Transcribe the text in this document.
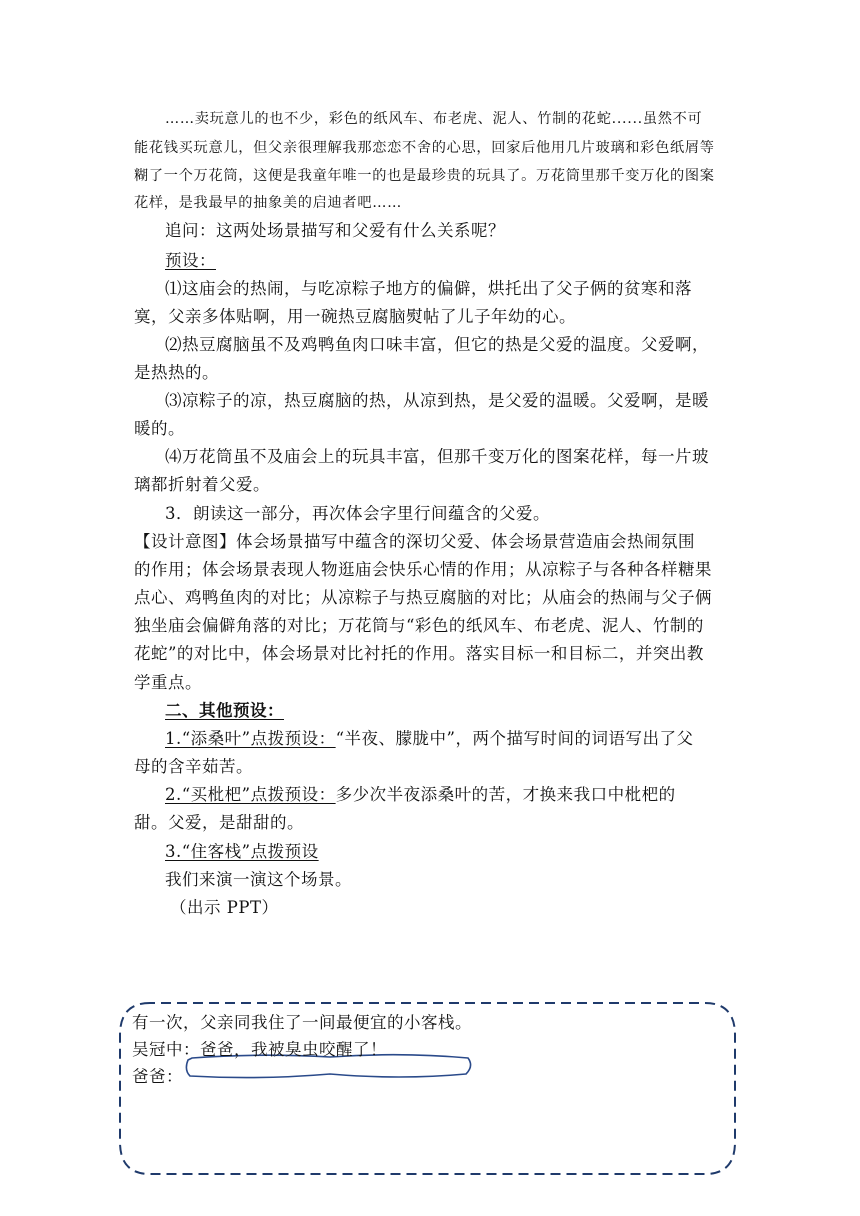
……卖玩意儿的也不少，彩色的纸风车、布老虎、泥人、竹制的花蛇......虽然不可
能花钱买玩意儿，但父亲很理解我那恋恋不舍的心思，回家后他用几片玻璃和彩色纸屑等
糊了一个万花筒，这便是我童年唯一的也是最珍贵的玩具了。万花筒里那千变万化的图案
花样，是我最早的抽象美的启迪者吧……
追问：这两处场景描写和父爱有什么关系呢？
预设：
⑴这庙会的热闹，与吃凉粽子地方的偏僻，烘托出了父子俩的贫寒和落
寞，父亲多体贴啊，用一碗热豆腐脑熨帖了儿子年幼的心。
⑵热豆腐脑虽不及鸡鸭鱼肉口味丰富，但它的热是父爱的温度。父爱啊，
是热热的。
⑶凉粽子的凉，热豆腐脑的热，从凉到热，是父爱的温暖。父爱啊，是暖
暖的。
⑷万花筒虽不及庙会上的玩具丰富，但那千变万化的图案花样，每一片玻
璃都折射着父爱。
3．朗读这一部分，再次体会字里行间蕴含的父爱。
【设计意图】体会场景描写中蕴含的深切父爱、体会场景营造庙会热闹氛围
的作用；体会场景表现人物逛庙会快乐心情的作用；从凉粽子与各种各样糖果
点心、鸡鸭鱼肉的对比；从凉粽子与热豆腐脑的对比；从庙会的热闹与父子俩
独坐庙会偏僻角落的对比；万花筒与“彩色的纸风车、布老虎、泥人、竹制的
花蛇”的对比中，体会场景对比衬托的作用。落实目标一和目标二，并突出教
学重点。
二、其他预设：
1.“添桑叶”点拨预设：“半夜、朦胧中”，两个描写时间的词语写出了父
母的含辛茹苦。
2.“买枇杷”点拨预设：多少次半夜添桑叶的苦，才换来我口中枇杷的
甜。父爱，是甜甜的。
3.“住客栈”点拨预设
我们来演一演这个场景。
（出示 PPT）
有一次，父亲同我住了一间最便宜的小客栈。
吴冠中：爸爸，我被臭虫咬醒了！
爸爸：
